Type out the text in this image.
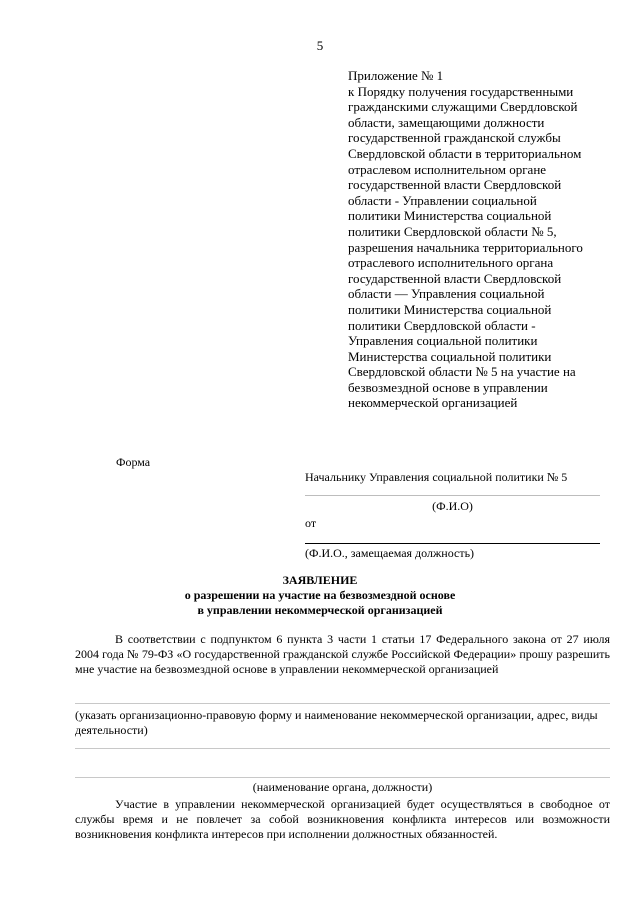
5
Приложение № 1
к Порядку получения государственными
гражданскими служащими Свердловской
области, замещающими должности
государственной гражданской службы
Свердловской области в территориальном
отраслевом исполнительном органе
государственной власти Свердловской
области - Управлении социальной
политики Министерства социальной
политики Свердловской области № 5,
разрешения начальника территориального
отраслевого исполнительного органа
государственной власти Свердловской
области — Управления социальной
политики Министерства социальной
политики Свердловской области -
Управления социальной политики
Министерства социальной политики
Свердловской области № 5 на участие на
безвозмездной основе в управлении
некоммерческой организацией
Форма
Начальнику Управления социальной политики № 5
(Ф.И.О)
от
(Ф.И.О., замещаемая должность)
ЗАЯВЛЕНИЕ
о разрешении на участие на безвозмездной основе
в управлении некоммерческой организацией
В соответствии с подпунктом 6 пункта 3 части 1 статьи 17 Федерального закона от 27 июля 2004 года № 79-ФЗ «О государственной гражданской службе Российской Федерации» прошу разрешить мне участие на безвозмездной основе в управлении некоммерческой организацией
(указать организационно-правовую форму и наименование некоммерческой организации, адрес, виды деятельности)
(наименование органа, должности)
Участие в управлении некоммерческой организацией будет осуществляться в свободное от службы время и не повлечет за собой возникновения конфликта интересов или возможности возникновения конфликта интересов при исполнении должностных обязанностей.
